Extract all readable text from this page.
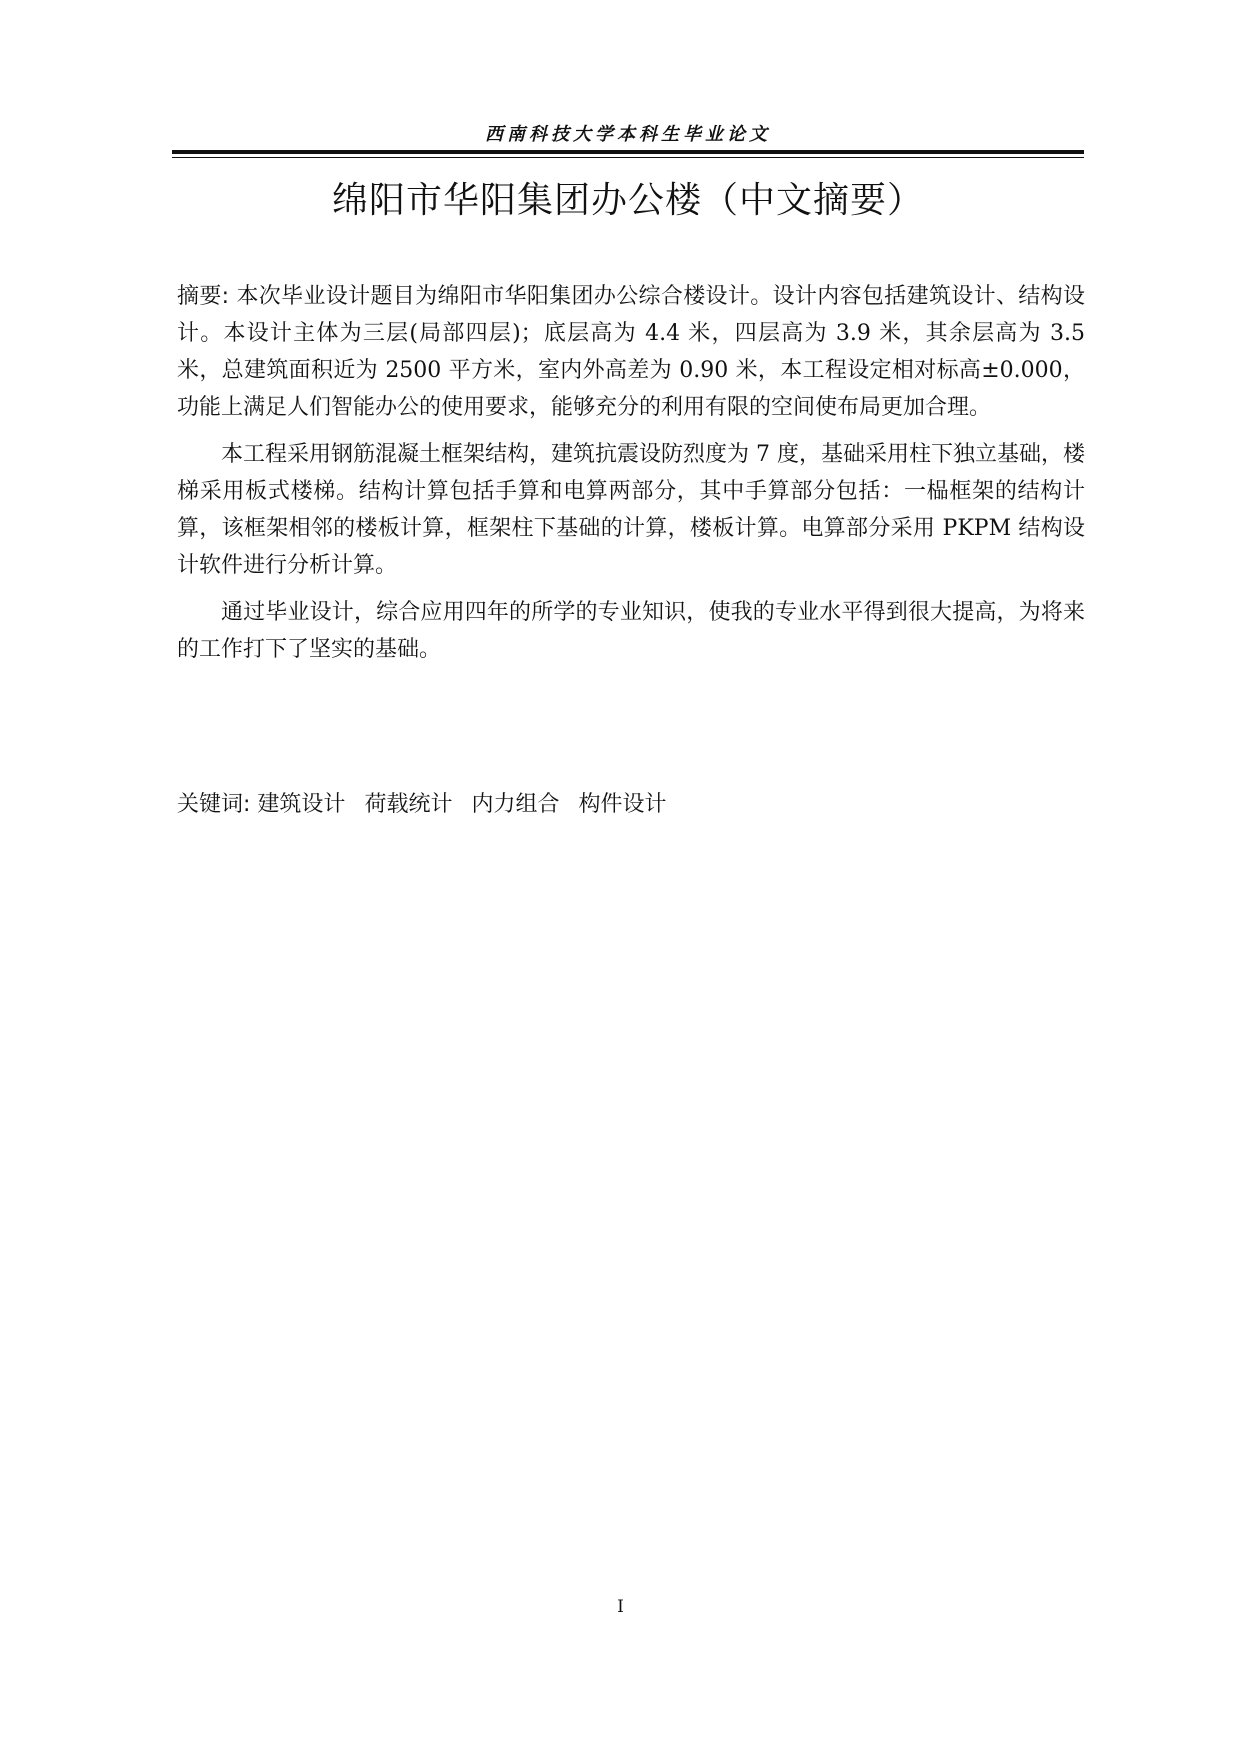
西南科技大学本科生毕业论文
绵阳市华阳集团办公楼（中文摘要）

摘要: 本次毕业设计题目为绵阳市华阳集团办公综合楼设计。设计内容包括建筑设计、结构设计。本设计主体为三层(局部四层)；底层高为 4.4 米，四层高为 3.9 米，其余层高为 3.5 米，总建筑面积近为 2500 平方米，室内外高差为 0.90 米，本工程设定相对标高±0.000，功能上满足人们智能办公的使用要求，能够充分的利用有限的空间使布局更加合理。

本工程采用钢筋混凝土框架结构，建筑抗震设防烈度为 7 度，基础采用柱下独立基础，楼梯采用板式楼梯。结构计算包括手算和电算两部分，其中手算部分包括：一榀框架的结构计算，该框架相邻的楼板计算，框架柱下基础的计算，楼板计算。电算部分采用 PKPM 结构设计软件进行分析计算。

通过毕业设计，综合应用四年的所学的专业知识，使我的专业水平得到很大提高，为将来的工作打下了坚实的基础。

关键词: 建筑设计 荷载统计 内力组合 构件设计
I
